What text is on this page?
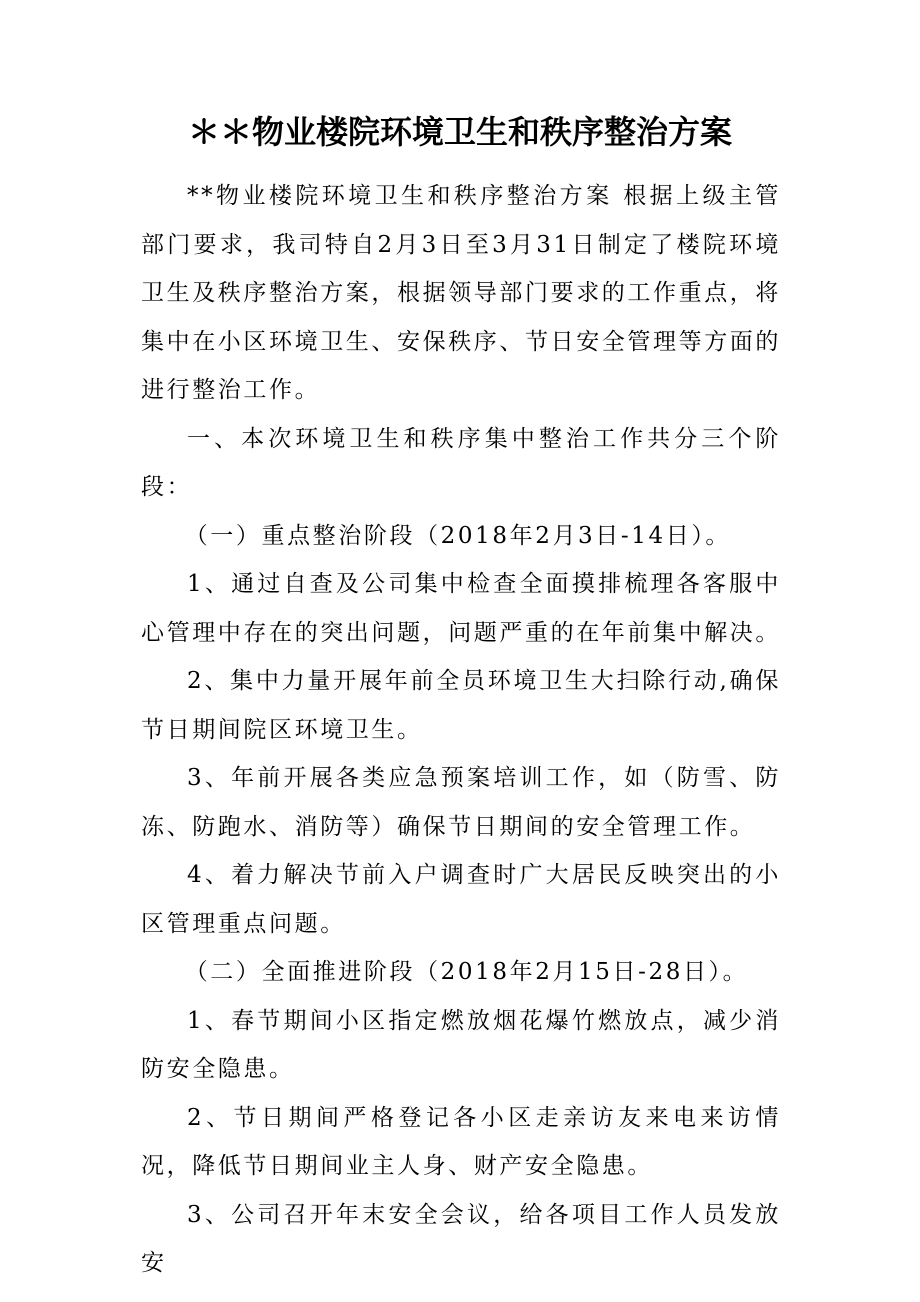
＊＊物业楼院环境卫生和秩序整治方案

**物业楼院环境卫生和秩序整治方案 根据上级主管部门要求，我司特自2月3日至3月31日制定了楼院环境卫生及秩序整治方案，根据领导部门要求的工作重点，将集中在小区环境卫生、安保秩序、节日安全管理等方面的进行整治工作。

一、本次环境卫生和秩序集中整治工作共分三个阶段：

（一）重点整治阶段（2018年2月3日-14日）。

1、通过自查及公司集中检查全面摸排梳理各客服中心管理中存在的突出问题，问题严重的在年前集中解决。

2、集中力量开展年前全员环境卫生大扫除行动,确保节日期间院区环境卫生。

3、年前开展各类应急预案培训工作，如（防雪、防冻、防跑水、消防等）确保节日期间的安全管理工作。

4、着力解决节前入户调查时广大居民反映突出的小区管理重点问题。

（二）全面推进阶段（2018年2月15日-28日）。

1、春节期间小区指定燃放烟花爆竹燃放点，减少消防安全隐患。

2、节日期间严格登记各小区走亲访友来电来访情况，降低节日期间业主人身、财产安全隐患。

3、公司召开年末安全会议，给各项目工作人员发放安
